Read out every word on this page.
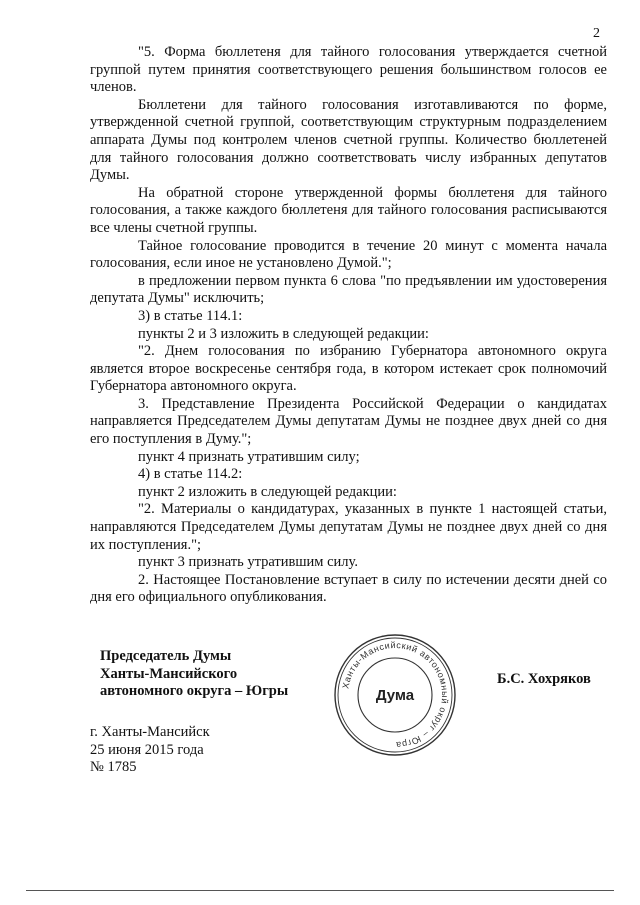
2

"5. Форма бюллетеня для тайного голосования утверждается счетной группой путем принятия соответствующего решения большинством голосов ее членов.

Бюллетени для тайного голосования изготавливаются по форме, утвержденной счетной группой, соответствующим структурным подразделением аппарата Думы под контролем членов счетной группы. Количество бюллетеней для тайного голосования должно соответствовать числу избранных депутатов Думы.

На обратной стороне утвержденной формы бюллетеня для тайного голосования, а также каждого бюллетеня для тайного голосования расписываются все члены счетной группы.

Тайное голосование проводится в течение 20 минут с момента начала голосования, если иное не установлено Думой.";

в предложении первом пункта 6 слова "по предъявлении им удостоверения депутата Думы" исключить;

3) в статье 114.1:

пункты 2 и 3 изложить в следующей редакции:

"2. Днем голосования по избранию Губернатора автономного округа является второе воскресенье сентября года, в котором истекает срок полномочий Губернатора автономного округа.

3. Представление Президента Российской Федерации о кандидатах направляется Председателем Думы депутатам Думы не позднее двух дней со дня его поступления в Думу.";

пункт 4 признать утратившим силу;

4) в статье 114.2:

пункт 2 изложить в следующей редакции:

"2. Материалы о кандидатурах, указанных в пункте 1 настоящей статьи, направляются Председателем Думы депутатам Думы не позднее двух дней со дня их поступления.";

пункт 3 признать утратившим силу.

2. Настоящее Постановление вступает в силу по истечении десяти дней со дня его официального опубликования.

Председатель Думы
Ханты-Мансийского
автономного округа – Югры	Ханты-Мансийский автономный округ – Югра
Дума
Б.С. Хохряков
г. Ханты-Мансийск
25 июня 2015 года
№ 1785
